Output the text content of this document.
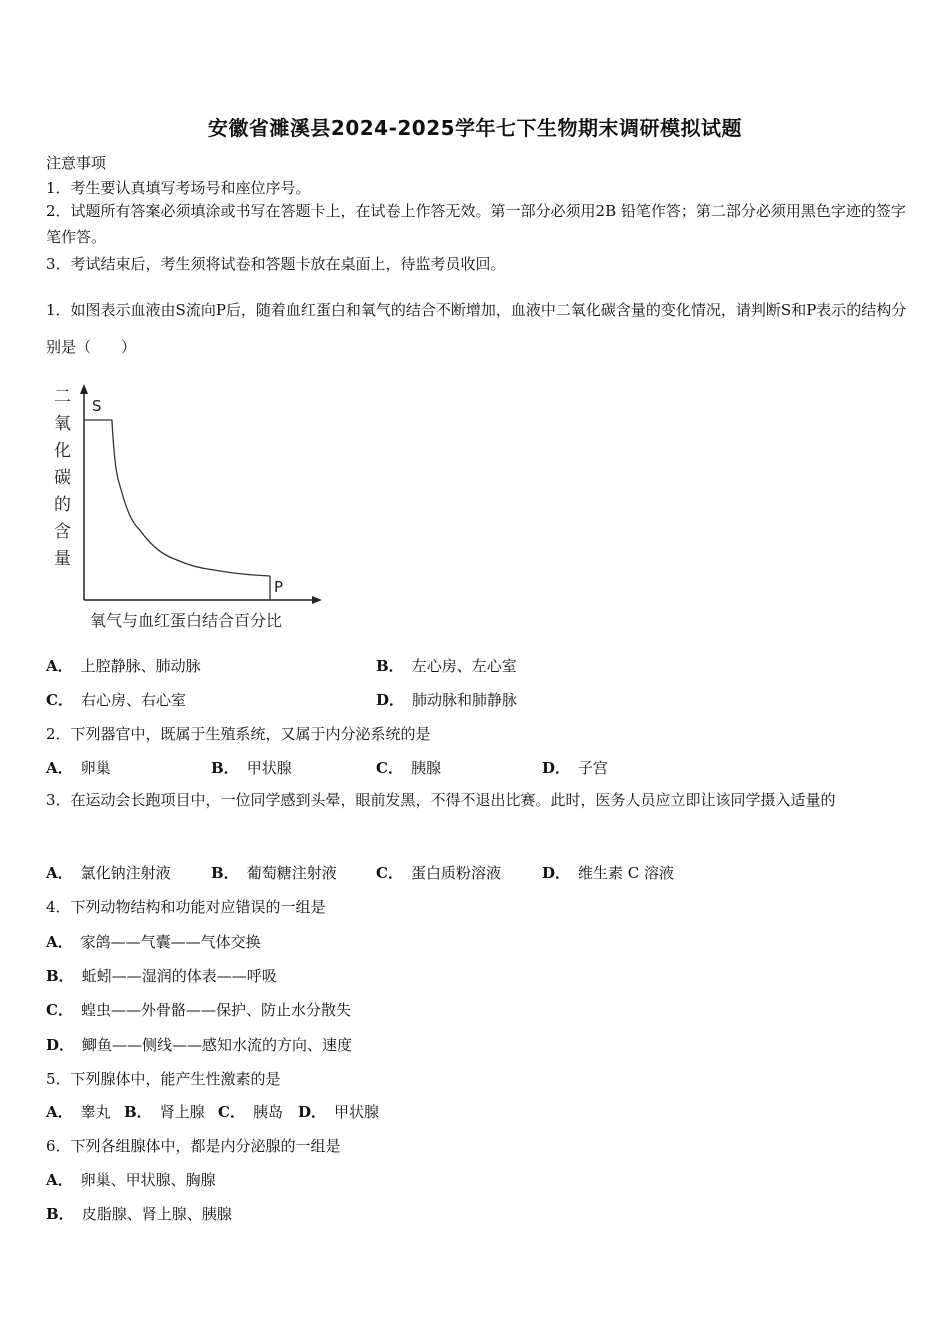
安徽省濉溪县2024-2025学年七下生物期末调研模拟试题
注意事项
1．考生要认真填写考场号和座位序号。
2．试题所有答案必须填涂或书写在答题卡上，在试卷上作答无效。第一部分必须用2B 铅笔作答；第二部分必须用黑色字迹的签字笔作答。
3．考试结束后，考生须将试卷和答题卡放在桌面上，待监考员收回。
1．如图表示血液由S流向P后，随着血红蛋白和氧气的结合不断增加，血液中二氧化碳含量的变化情况，请判断S和P表示的结构分别是（　　）
二
氧
化
碳
的
含
量
S
P
氧气与血红蛋白结合百分比
A． 上腔静脉、肺动脉	B． 左心房、左心室
C． 右心房、右心室	D． 肺动脉和肺静脉
2．下列器官中，既属于生殖系统，又属于内分泌系统的是
A． 卵巢	B． 甲状腺	C． 胰腺	D． 子宫
3．在运动会长跑项目中，一位同学感到头晕，眼前发黑，不得不退出比赛。此时，医务人员应立即让该同学摄入适量的
A． 氯化钠注射液	B． 葡萄糖注射液	C． 蛋白质粉溶液	D． 维生素 C 溶液
4．下列动物结构和功能对应错误的一组是
A． 家鸽——气囊——气体交换
B． 蚯蚓——湿润的体表——呼吸
C． 蝗虫——外骨骼——保护、防止水分散失
D． 鲫鱼——侧线——感知水流的方向、速度
5．下列腺体中，能产生性激素的是
A． 睾丸 B． 肾上腺 C． 胰岛 D． 甲状腺
6．下列各组腺体中，都是内分泌腺的一组是
A． 卵巢、甲状腺、胸腺
B． 皮脂腺、肾上腺、胰腺
